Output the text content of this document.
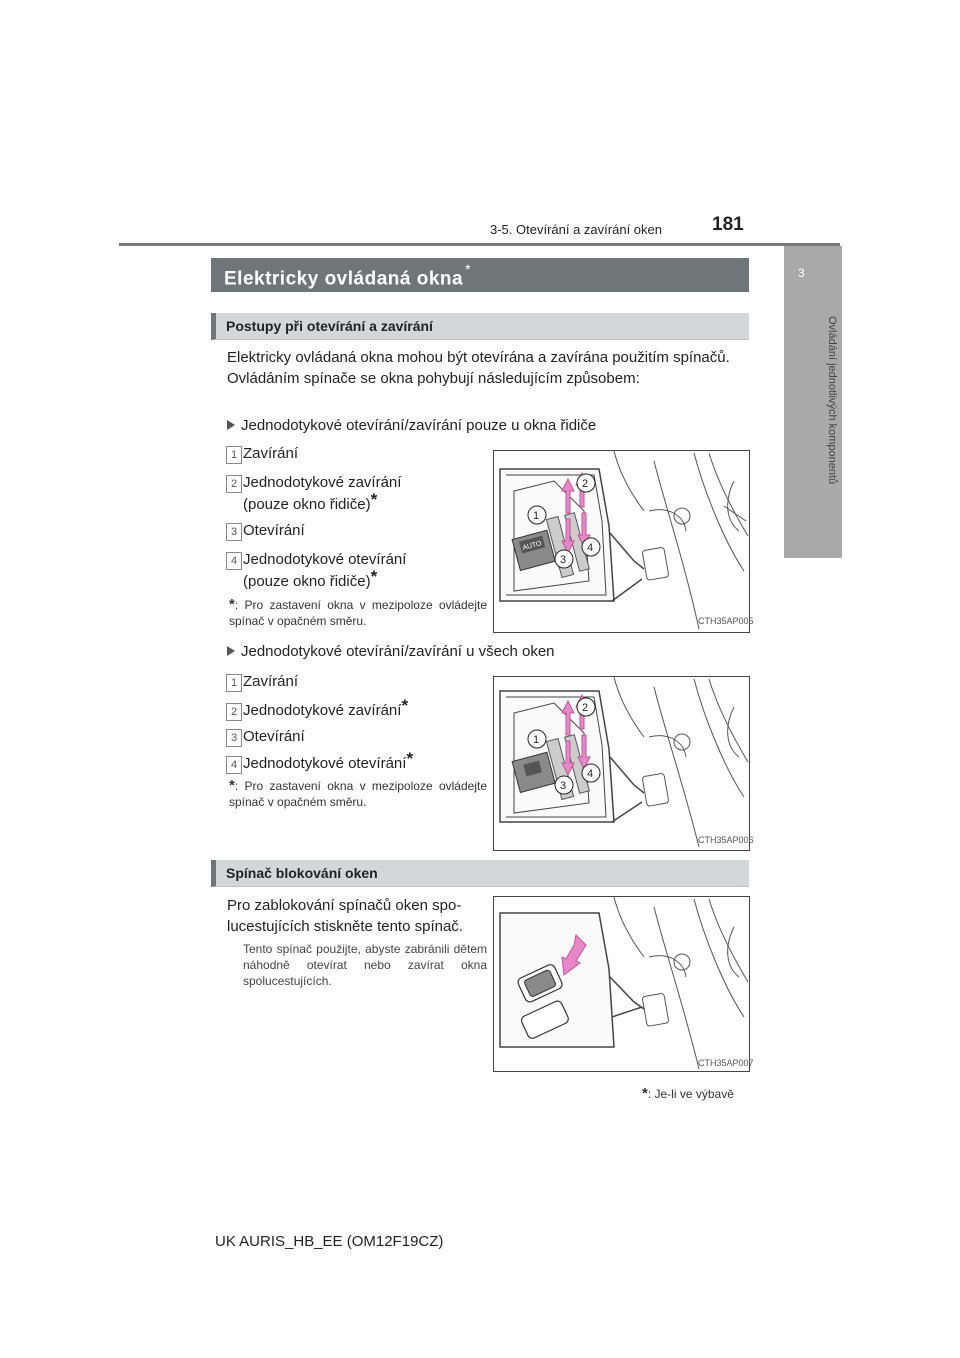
3-5. Otevírání a zavírání oken	181
3
Ovládání jednotlivých komponentů
Elektricky ovládaná okna *
Postupy při otevírání a zavírání
Elektricky ovládaná okna mohou být otevírána a zavírána použitím spínačů.
Ovládáním spínače se okna pohybují následujícím způsobem:
Jednodotykové otevírání/zavírání pouze u okna řidiče
1 Zavírání
2 Jednodotykové zavírání
(pouze okno řidiče)*
3 Otevírání
4 Jednodotykové otevírání
(pouze okno řidiče)*
*: Pro zastavení okna v mezipoloze ovládejte spínač v opačném směru.
AUTO
2
1
3
4
CTH35AP005
Jednodotykové otevírání/zavírání u všech oken
1 Zavírání
2 Jednodotykové zavírání*
3 Otevírání
4 Jednodotykové otevírání*
*: Pro zastavení okna v mezipoloze ovládejte spínač v opačném směru.
2
1
3
4
CTH35AP006
Spínač blokování oken
Pro zablokování spínačů oken spo-
lucestujících stiskněte tento spínač.
Tento spínač použijte, abyste zabránili dětem náhodně otevírat nebo zavírat okna spolucestujících.
CTH35AP007
*: Je-li ve výbavě
UK AURIS_HB_EE (OM12F19CZ)
